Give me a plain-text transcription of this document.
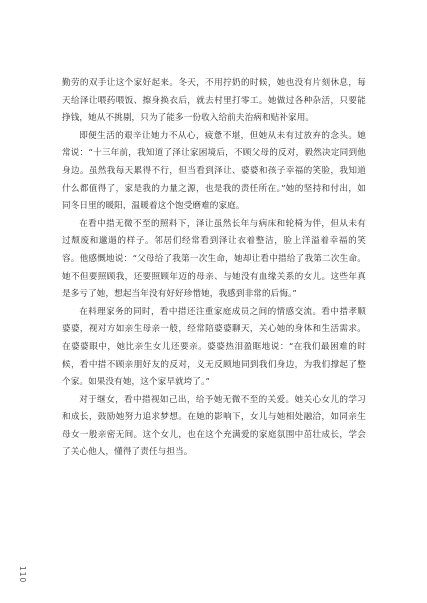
勤劳的双手让这个家好起来。冬天，不用拧奶的时候，她也没有片刻休息，每天给泽让喂药喂饭、擦身换衣后，就去村里打零工。她做过各种杂活，只要能挣钱，她从不挑剔，只为了能多一份收入给前夫治病和贴补家用。

即便生活的艰辛让她力不从心，疲惫不堪，但她从未有过放弃的念头。她常说：“十三年前，我知道了泽让家困境后，不顾父母的反对，毅然决定同到他身边。虽然我每天累得不行，但当看到泽让、婆婆和孩子幸福的笑脸，我知道什么都值得了，家是我的力量之源，也是我的责任所在。”她的坚持和付出，如同冬日里的暖阳，温暖着这个饱受磨难的家庭。

在看中措无微不至的照料下，泽让虽然长年与病床和轮椅为伴，但从未有过颓废和邋遢的样子。邻居们经常看到泽让衣着整洁，脸上洋溢着幸福的笑容。他感慨地说：“父母给了我第一次生命，她却让看中措给了我第二次生命。她不但要照顾我，还要照顾年迈的母亲、与她没有血缘关系的女儿。这些年真是多亏了她，想起当年没有好好珍惜她，我感到非常的后悔。”

在料理家务的同时，看中措还注重家庭成员之间的情感交流。看中措孝顺婆婆，视对方如亲生母亲一般，经常陪婆婆聊天，关心她的身体和生活需求。在婆婆眼中，她比亲生女儿还要亲。婆婆热泪盈眶地说：“在我们最困难的时候，看中措不顾亲朋好友的反对，义无反顾地同到我们身边，为我们撑起了整个家。如果没有她，这个家早就垮了。”

对于继女，看中措视如己出，给予她无微不至的关爱。她关心女儿的学习和成长，鼓励她努力追求梦想。在她的影响下，女儿与她相处融洽，如同亲生母女一般亲密无间。这个女儿，也在这个充满爱的家庭氛围中茁壮成长，学会了关心他人，懂得了责任与担当。

110
